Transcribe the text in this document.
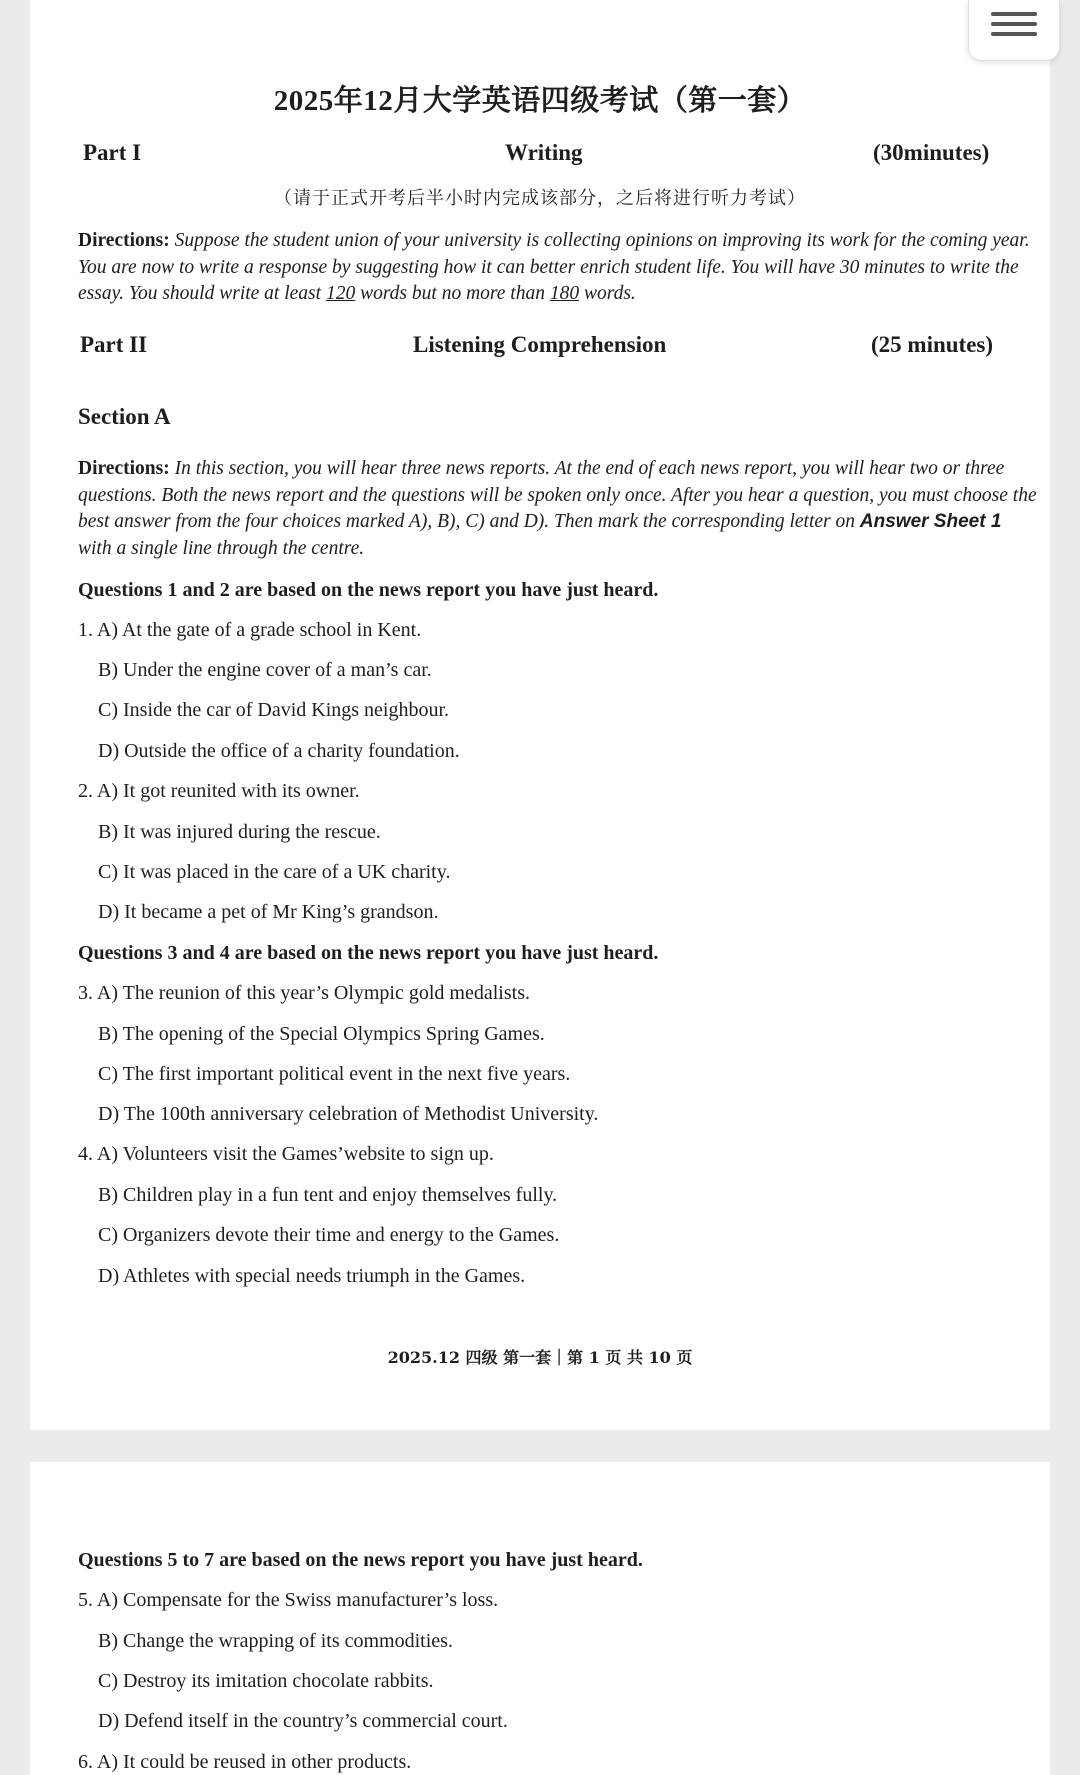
2025年12月大学英语四级考试（第一套）
Part I	Writing	(30minutes)
（请于正式开考后半小时内完成该部分，之后将进行听力考试）
Directions: Suppose the student union of your university is collecting opinions on improving its work for the coming year. You are now to write a response by suggesting how it can better enrich student life. You will have 30 minutes to write the essay. You should write at least 120 words but no more than 180 words.
Part II	Listening Comprehension	(25 minutes)
Section A
Directions: In this section, you will hear three news reports. At the end of each news report, you will hear two or three questions. Both the news report and the questions will be spoken only once. After you hear a question, you must choose the best answer from the four choices marked A), B), C) and D). Then mark the corresponding letter on Answer Sheet 1 with a single line through the centre.
Questions 1 and 2 are based on the news report you have just heard.
1. A) At the gate of a grade school in Kent.
B) Under the engine cover of a man’s car.
C) Inside the car of David Kings neighbour.
D) Outside the office of a charity foundation.
2. A) It got reunited with its owner.
B) It was injured during the rescue.
C) It was placed in the care of a UK charity.
D) It became a pet of Mr King’s grandson.
Questions 3 and 4 are based on the news report you have just heard.
3. A) The reunion of this year’s Olympic gold medalists.
B) The opening of the Special Olympics Spring Games.
C) The first important political event in the next five years.
D) The 100th anniversary celebration of Methodist University.
4. A) Volunteers visit the Games’website to sign up.
B) Children play in a fun tent and enjoy themselves fully.
C) Organizers devote their time and energy to the Games.
D) Athletes with special needs triumph in the Games.
2025.12 四级 第一套｜第 1 页 共 10 页
Questions 5 to 7 are based on the news report you have just heard.
5. A) Compensate for the Swiss manufacturer’s loss.
B) Change the wrapping of its commodities.
C) Destroy its imitation chocolate rabbits.
D) Defend itself in the country’s commercial court.
6. A) It could be reused in other products.
